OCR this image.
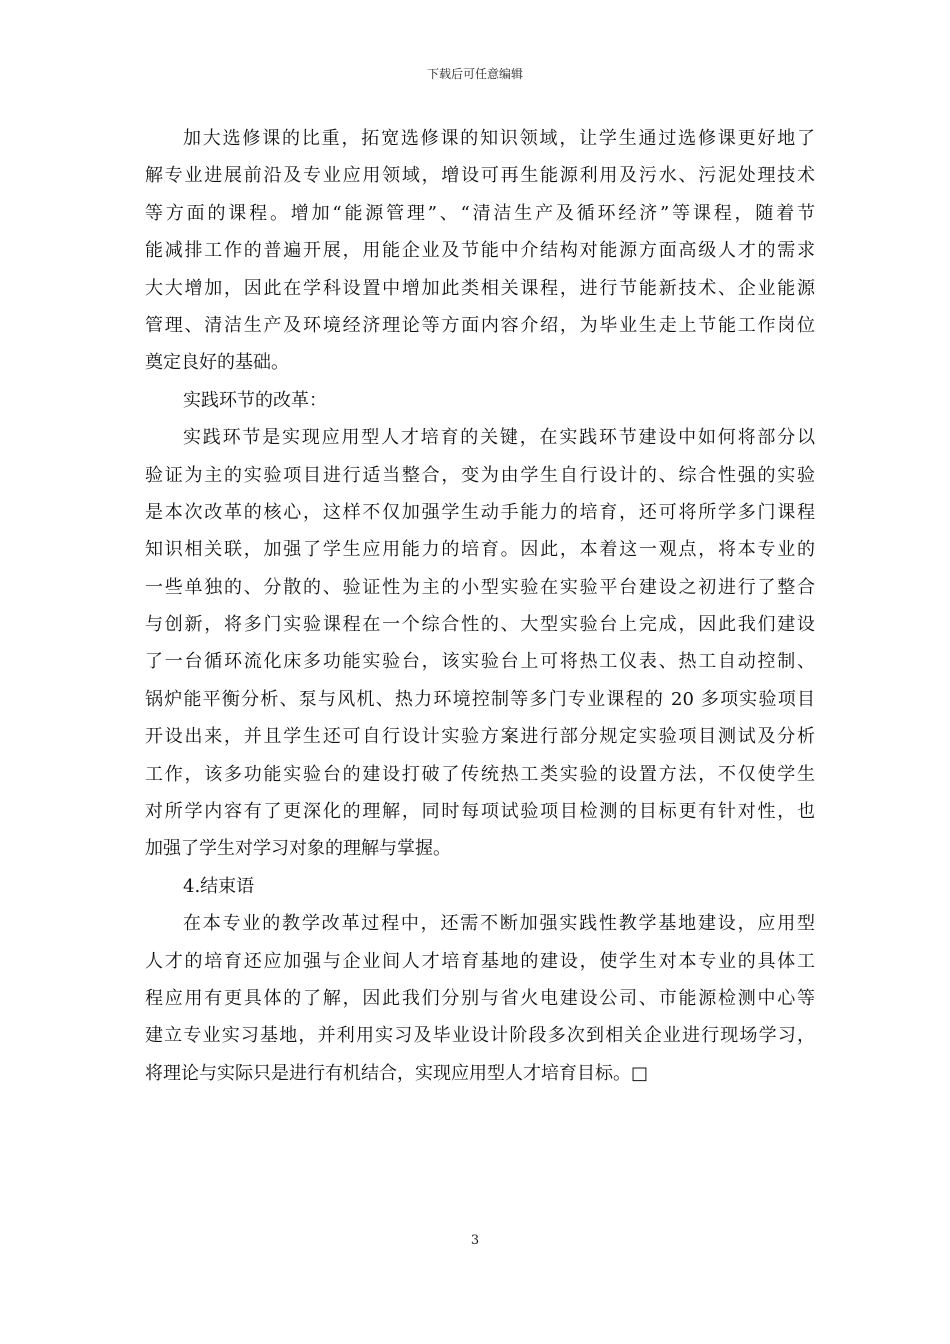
下载后可任意编辑
加大选修课的比重，拓宽选修课的知识领域，让学生通过选修课更好地了
解专业进展前沿及专业应用领域，增设可再生能源利用及污水、污泥处理技术
等方面的课程。增加“能源管理”、“清洁生产及循环经济”等课程，随着节
能减排工作的普遍开展，用能企业及节能中介结构对能源方面高级人才的需求
大大增加，因此在学科设置中增加此类相关课程，进行节能新技术、企业能源
管理、清洁生产及环境经济理论等方面内容介绍，为毕业生走上节能工作岗位
奠定良好的基础。
实践环节的改革：
实践环节是实现应用型人才培育的关键，在实践环节建设中如何将部分以
验证为主的实验项目进行适当整合，变为由学生自行设计的、综合性强的实验
是本次改革的核心，这样不仅加强学生动手能力的培育，还可将所学多门课程
知识相关联，加强了学生应用能力的培育。因此，本着这一观点，将本专业的
一些单独的、分散的、验证性为主的小型实验在实验平台建设之初进行了整合
与创新，将多门实验课程在一个综合性的、大型实验台上完成，因此我们建设
了一台循环流化床多功能实验台，该实验台上可将热工仪表、热工自动控制、
锅炉能平衡分析、泵与风机、热力环境控制等多门专业课程的 20 多项实验项目
开设出来，并且学生还可自行设计实验方案进行部分规定实验项目测试及分析
工作，该多功能实验台的建设打破了传统热工类实验的设置方法，不仅使学生
对所学内容有了更深化的理解，同时每项试验项目检测的目标更有针对性，也
加强了学生对学习对象的理解与掌握。
4.结束语
在本专业的教学改革过程中，还需不断加强实践性教学基地建设，应用型
人才的培育还应加强与企业间人才培育基地的建设，使学生对本专业的具体工
程应用有更具体的了解，因此我们分别与省火电建设公司、市能源检测中心等
建立专业实习基地，并利用实习及毕业设计阶段多次到相关企业进行现场学习，
将理论与实际只是进行有机结合，实现应用型人才培育目标。□
3
